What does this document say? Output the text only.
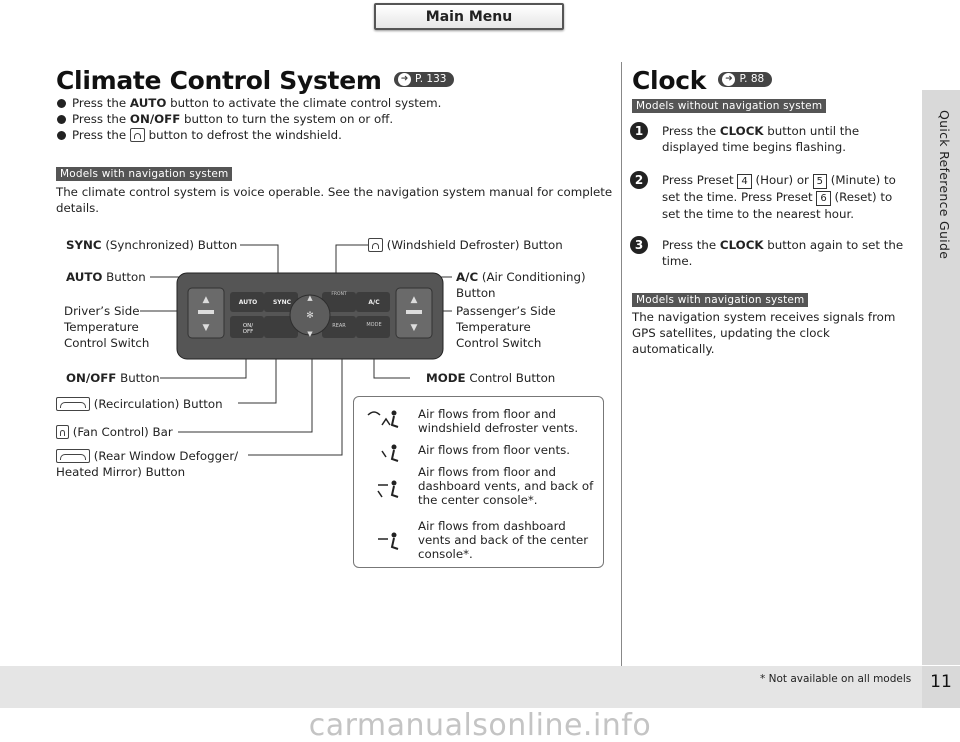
Main Menu
Quick Reference Guide
11
* Not available on all models
carmanualsonline.info
Climate Control System	➜ P. 133
Press the AUTO button to activate the climate control system.
Press the ON/OFF button to turn the system on or off.
Press the  button to defrost the windshield.
Models with navigation system
The climate control system is voice operable. See the navigation system manual for complete details.
▲
▼
▲
▼
▲
▼
✻
AUTO	SYNC	A/C
FRONT
ON/
OFF
REAR	MODE
SYNC (Synchronized) Button	(Windshield Defroster) Button
AUTO Button	A/C (Air Conditioning)
Button
Driver’s Side
Temperature
Control Switch
Passenger’s Side
Temperature
Control Switch
ON/OFF Button	MODE Control Button
(Recirculation) Button
(Fan Control) Bar
(Rear Window Defogger/
Heated Mirror) Button
Air flows from floor and windshield defroster vents.
Air flows from floor vents.
Air flows from floor and dashboard vents, and back of the center console*.
Air flows from dashboard vents and back of the center console*.
Clock	➜ P. 88
Models without navigation system
1	Press the CLOCK button until the displayed time begins flashing.
2	Press Preset 4 (Hour) or 5 (Minute) to set the time. Press Preset 6 (Reset) to set the time to the nearest hour.
3	Press the CLOCK button again to set the time.
Models with navigation system
The navigation system receives signals from GPS satellites, updating the clock automatically.
